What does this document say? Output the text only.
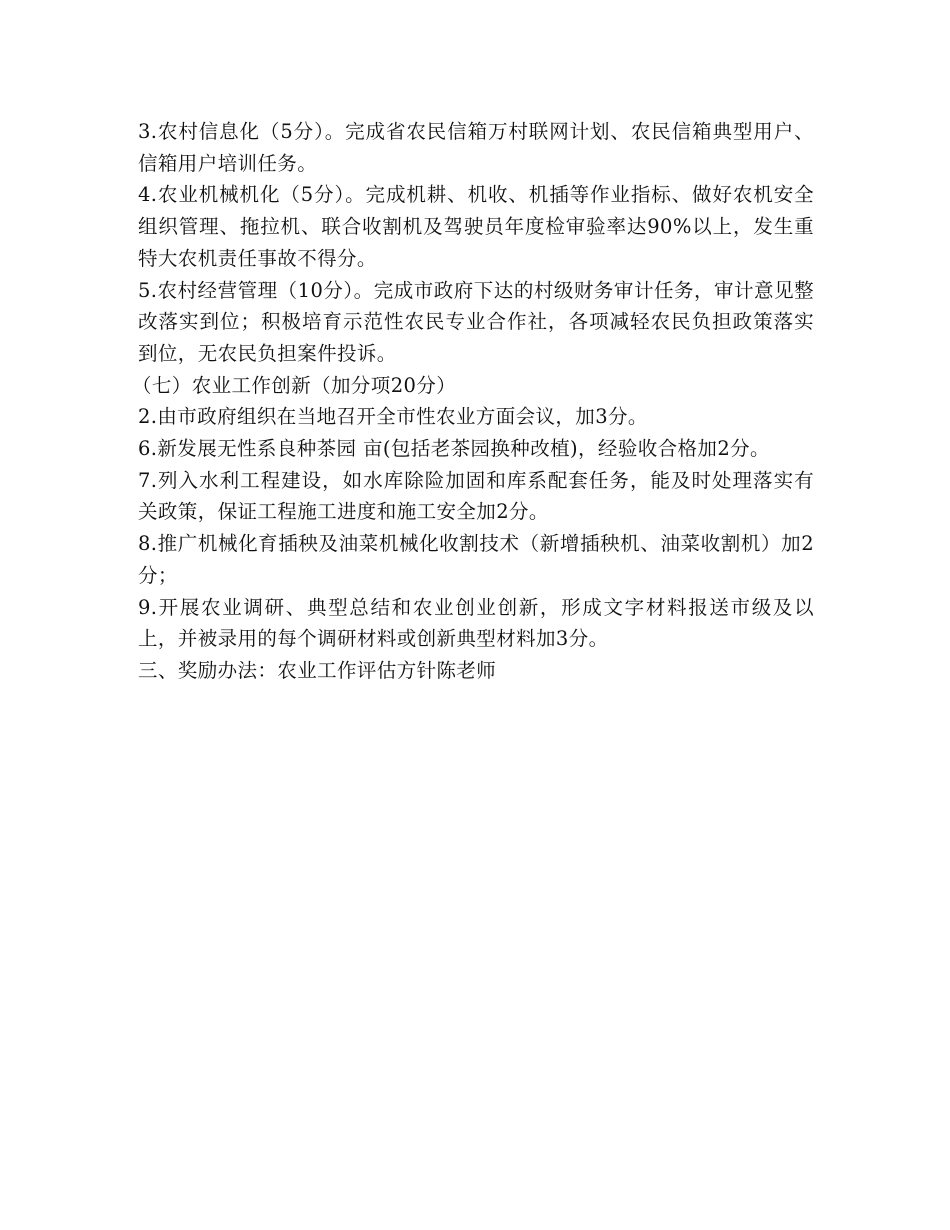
3.农村信息化（5分）。完成省农民信箱万村联网计划、农民信箱典型用户、信箱用户培训任务。

4.农业机械机化（5分）。完成机耕、机收、机插等作业指标、做好农机安全组织管理、拖拉机、联合收割机及驾驶员年度检审验率达90%以上，发生重特大农机责任事故不得分。

5.农村经营管理（10分）。完成市政府下达的村级财务审计任务，审计意见整改落实到位；积极培育示范性农民专业合作社，各项减轻农民负担政策落实到位，无农民负担案件投诉。

（七）农业工作创新（加分项20分）

2.由市政府组织在当地召开全市性农业方面会议，加3分。

6.新发展无性系良种茶园 亩(包括老茶园换种改植)，经验收合格加2分。

7.列入水利工程建设，如水库除险加固和库系配套任务，能及时处理落实有关政策，保证工程施工进度和施工安全加2分。

8.推广机械化育插秧及油菜机械化收割技术（新增插秧机、油菜收割机）加2分；

9.开展农业调研、典型总结和农业创业创新，形成文字材料报送市级及以上，并被录用的每个调研材料或创新典型材料加3分。

三、奖励办法：农业工作评估方针陈老师
